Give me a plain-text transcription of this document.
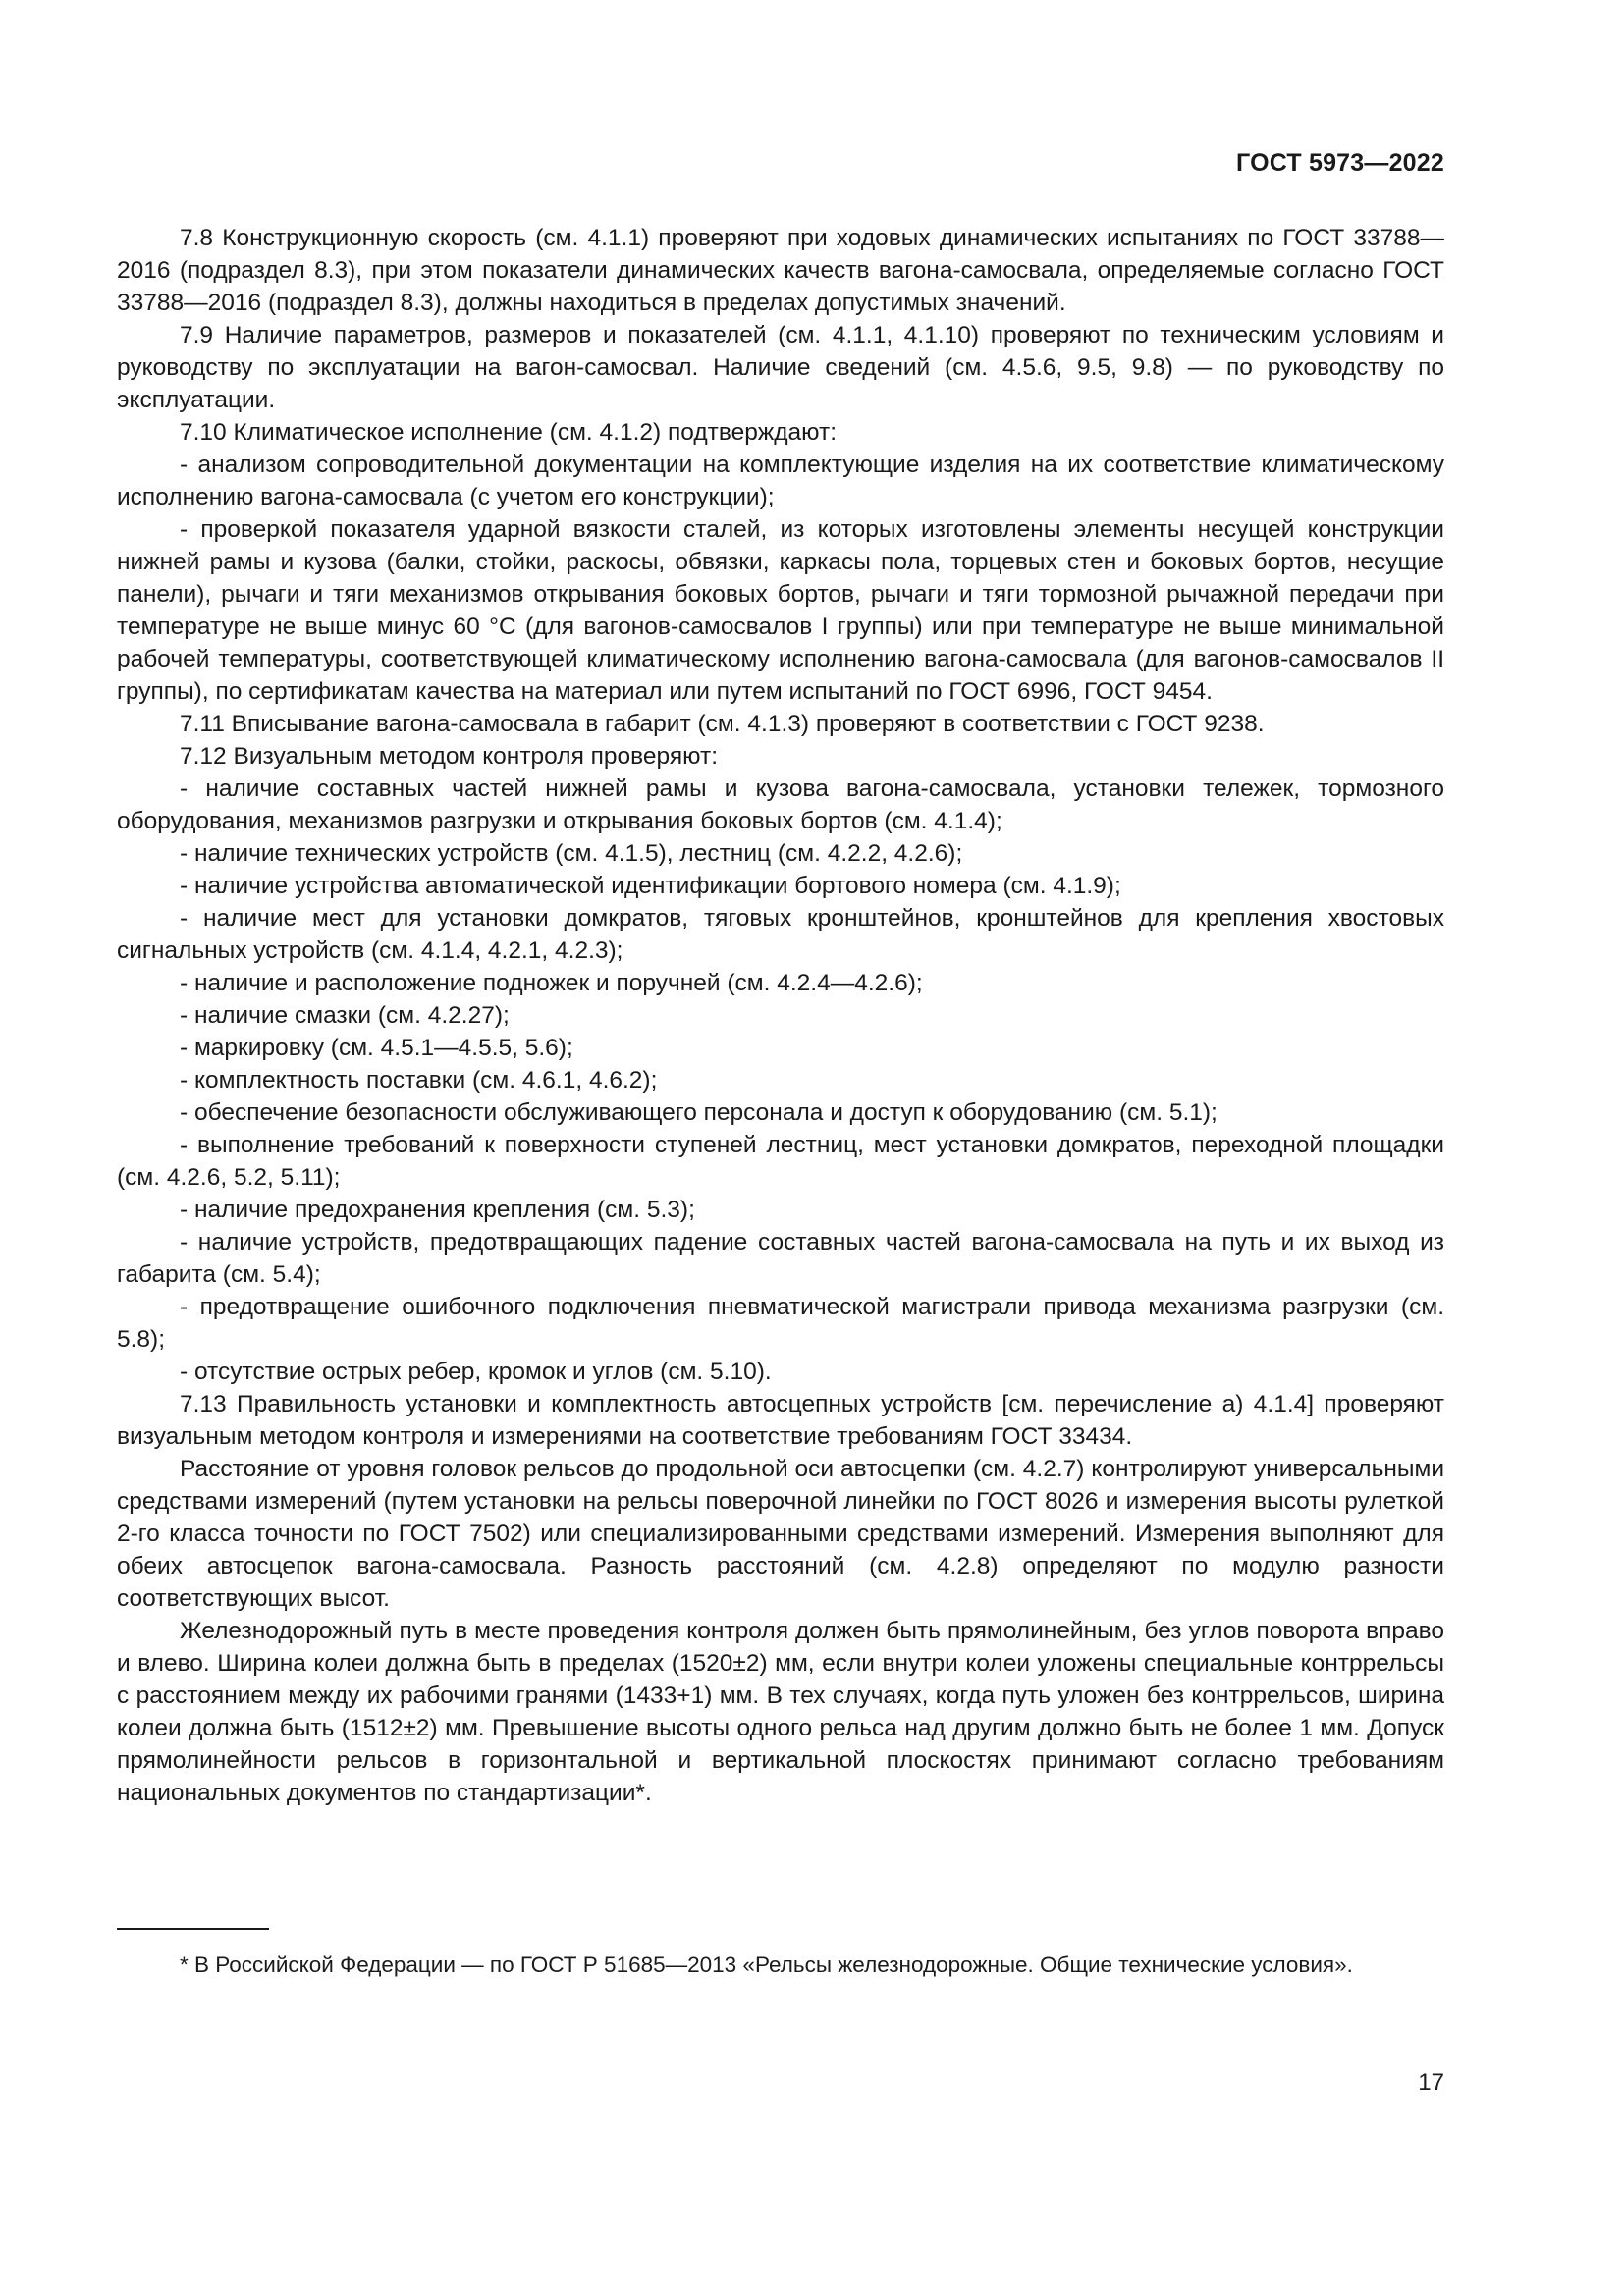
ГОСТ 5973—2022

7.8 Конструкционную скорость (см. 4.1.1) проверяют при ходовых динамических испытаниях по ГОСТ 33788—2016 (подраздел 8.3), при этом показатели динамических качеств вагона-самосвала, определяемые согласно ГОСТ 33788—2016 (подраздел 8.3), должны находиться в пределах допустимых значений.

7.9 Наличие параметров, размеров и показателей (см. 4.1.1, 4.1.10) проверяют по техническим условиям и руководству по эксплуатации на вагон-самосвал. Наличие сведений (см. 4.5.6, 9.5, 9.8) — по руководству по эксплуатации.

7.10 Климатическое исполнение (см. 4.1.2) подтверждают:

- анализом сопроводительной документации на комплектующие изделия на их соответствие климатическому исполнению вагона-самосвала (с учетом его конструкции);

- проверкой показателя ударной вязкости сталей, из которых изготовлены элементы несущей конструкции нижней рамы и кузова (балки, стойки, раскосы, обвязки, каркасы пола, торцевых стен и боковых бортов, несущие панели), рычаги и тяги механизмов открывания боковых бортов, рычаги и тяги тормозной рычажной передачи при температуре не выше минус 60 °C (для вагонов-самосвалов I группы) или при температуре не выше минимальной рабочей температуры, соответствующей климатическому исполнению вагона-самосвала (для вагонов-самосвалов II группы), по сертификатам качества на материал или путем испытаний по ГОСТ 6996, ГОСТ 9454.

7.11 Вписывание вагона-самосвала в габарит (см. 4.1.3) проверяют в соответствии с ГОСТ 9238.

7.12 Визуальным методом контроля проверяют:

- наличие составных частей нижней рамы и кузова вагона-самосвала, установки тележек, тормозного оборудования, механизмов разгрузки и открывания боковых бортов (см. 4.1.4);

- наличие технических устройств (см. 4.1.5), лестниц (см. 4.2.2, 4.2.6);

- наличие устройства автоматической идентификации бортового номера (см. 4.1.9);

- наличие мест для установки домкратов, тяговых кронштейнов, кронштейнов для крепления хвостовых сигнальных устройств (см. 4.1.4, 4.2.1, 4.2.3);

- наличие и расположение подножек и поручней (см. 4.2.4—4.2.6);

- наличие смазки (см. 4.2.27);

- маркировку (см. 4.5.1—4.5.5, 5.6);

- комплектность поставки (см. 4.6.1, 4.6.2);

- обеспечение безопасности обслуживающего персонала и доступ к оборудованию (см. 5.1);

- выполнение требований к поверхности ступеней лестниц, мест установки домкратов, переходной площадки (см. 4.2.6, 5.2, 5.11);

- наличие предохранения крепления (см. 5.3);

- наличие устройств, предотвращающих падение составных частей вагона-самосвала на путь и их выход из габарита (см. 5.4);

- предотвращение ошибочного подключения пневматической магистрали привода механизма разгрузки (см. 5.8);

- отсутствие острых ребер, кромок и углов (см. 5.10).

7.13 Правильность установки и комплектность автосцепных устройств [см. перечисление а) 4.1.4] проверяют визуальным методом контроля и измерениями на соответствие требованиям ГОСТ 33434.

Расстояние от уровня головок рельсов до продольной оси автосцепки (см. 4.2.7) контролируют универсальными средствами измерений (путем установки на рельсы поверочной линейки по ГОСТ 8026 и измерения высоты рулеткой 2-го класса точности по ГОСТ 7502) или специализированными средствами измерений. Измерения выполняют для обеих автосцепок вагона-самосвала. Разность расстояний (см. 4.2.8) определяют по модулю разности соответствующих высот.

Железнодорожный путь в месте проведения контроля должен быть прямолинейным, без углов поворота вправо и влево. Ширина колеи должна быть в пределах (1520±2) мм, если внутри колеи уложены специальные контррельсы с расстоянием между их рабочими гранями (1433+1) мм. В тех случаях, когда путь уложен без контррельсов, ширина колеи должна быть (1512±2) мм. Превышение высоты одного рельса над другим должно быть не более 1 мм. Допуск прямолинейности рельсов в горизонтальной и вертикальной плоскостях принимают согласно требованиям национальных документов по стандартизации*.

* В Российской Федерации — по ГОСТ Р 51685—2013 «Рельсы железнодорожные. Общие технические условия».
17
